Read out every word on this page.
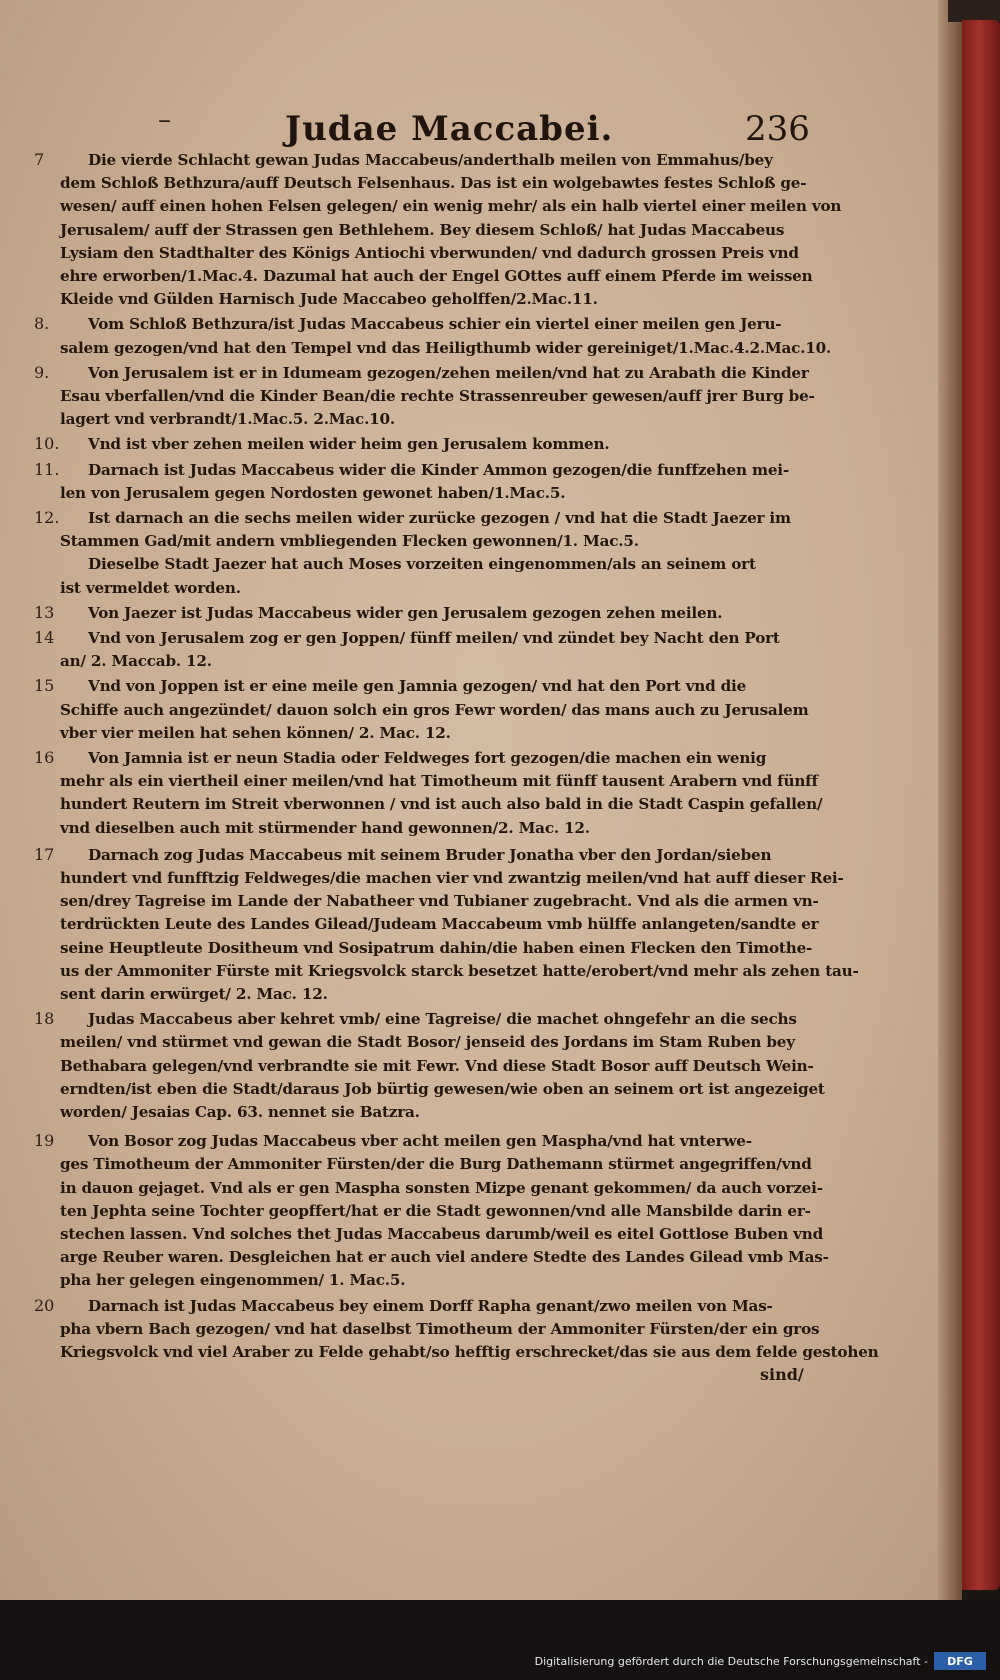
–	Judae Maccabei.	236
7	Die vierde Schlacht gewan Judas Maccabeus/anderthalb meilen von Emmahus/bey
dem Schloß Bethzura/auff Deutsch Felsenhaus. Das ist ein wolgebawtes festes Schloß ge-
wesen/ auff einen hohen Felsen gelegen/ ein wenig mehr/ als ein halb viertel einer meilen von
Jerusalem/ auff der Strassen gen Bethlehem. Bey diesem Schloß/ hat Judas Maccabeus
Lysiam den Stadthalter des Königs Antiochi vberwunden/ vnd dadurch grossen Preis vnd
ehre erworben/1.Mac.4. Dazumal hat auch der Engel GOttes auff einem Pferde im weissen
Kleide vnd Gülden Harnisch Jude Maccabeo geholffen/2.Mac.11.
8.	Vom Schloß Bethzura/ist Judas Maccabeus schier ein viertel einer meilen gen Jeru-
salem gezogen/vnd hat den Tempel vnd das Heiligthumb wider gereiniget/1.Mac.4.2.Mac.10.
9.	Von Jerusalem ist er in Idumeam gezogen/zehen meilen/vnd hat zu Arabath die Kinder
Esau vberfallen/vnd die Kinder Bean/die rechte Strassenreuber gewesen/auff jrer Burg be-
lagert vnd verbrandt/1.Mac.5. 2.Mac.10.
10. Vnd ist vber zehen meilen wider heim gen Jerusalem kommen.
11. Darnach ist Judas Maccabeus wider die Kinder Ammon gezogen/die funffzehen mei-
len von Jerusalem gegen Nordosten gewonet haben/1.Mac.5.
12. Ist darnach an die sechs meilen wider zurücke gezogen / vnd hat die Stadt Jaezer im
Stammen Gad/mit andern vmbliegenden Flecken gewonnen/1. Mac.5.
Dieselbe Stadt Jaezer hat auch Moses vorzeiten eingenommen/als an seinem ort
ist vermeldet worden.
13 Von Jaezer ist Judas Maccabeus wider gen Jerusalem gezogen zehen meilen.
14 Vnd von Jerusalem zog er gen Joppen/ fünff meilen/ vnd zündet bey Nacht den Port
an/ 2. Maccab. 12.
15 Vnd von Joppen ist er eine meile gen Jamnia gezogen/ vnd hat den Port vnd die
Schiffe auch angezündet/ dauon solch ein gros Fewr worden/ das mans auch zu Jerusalem
vber vier meilen hat sehen können/ 2. Mac. 12.
16 Von Jamnia ist er neun Stadia oder Feldweges fort gezogen/die machen ein wenig
mehr als ein viertheil einer meilen/vnd hat Timotheum mit fünff tausent Arabern vnd fünff
hundert Reutern im Streit vberwonnen / vnd ist auch also bald in die Stadt Caspin gefallen/
vnd dieselben auch mit stürmender hand gewonnen/2. Mac. 12.
17 Darnach zog Judas Maccabeus mit seinem Bruder Jonatha vber den Jordan/sieben
hundert vnd funfftzig Feldweges/die machen vier vnd zwantzig meilen/vnd hat auff dieser Rei-
sen/drey Tagreise im Lande der Nabatheer vnd Tubianer zugebracht. Vnd als die armen vn-
terdrückten Leute des Landes Gilead/Judeam Maccabeum vmb hülffe anlangeten/sandte er
seine Heuptleute Dositheum vnd Sosipatrum dahin/die haben einen Flecken den Timothe-
us der Ammoniter Fürste mit Kriegsvolck starck besetzet hatte/erobert/vnd mehr als zehen tau-
sent darin erwürget/ 2. Mac. 12.
18 Judas Maccabeus aber kehret vmb/ eine Tagreise/ die machet ohngefehr an die sechs
meilen/ vnd stürmet vnd gewan die Stadt Bosor/ jenseid des Jordans im Stam Ruben bey
Bethabara gelegen/vnd verbrandte sie mit Fewr. Vnd diese Stadt Bosor auff Deutsch Wein-
erndten/ist eben die Stadt/daraus Job bürtig gewesen/wie oben an seinem ort ist angezeiget
worden/ Jesaias Cap. 63. nennet sie Batzra.
19 Von Bosor zog Judas Maccabeus vber acht meilen gen Maspha/vnd hat vnterwe-
ges Timotheum der Ammoniter Fürsten/der die Burg Dathemann stürmet angegriffen/vnd
in dauon gejaget. Vnd als er gen Maspha sonsten Mizpe genant gekommen/ da auch vorzei-
ten Jephta seine Tochter geopffert/hat er die Stadt gewonnen/vnd alle Mansbilde darin er-
stechen lassen. Vnd solches thet Judas Maccabeus darumb/weil es eitel Gottlose Buben vnd
arge Reuber waren. Desgleichen hat er auch viel andere Stedte des Landes Gilead vmb Mas-
pha her gelegen eingenommen/ 1. Mac.5.
20 Darnach ist Judas Maccabeus bey einem Dorff Rapha genant/zwo meilen von Mas-
pha vbern Bach gezogen/ vnd hat daselbst Timotheum der Ammoniter Fürsten/der ein gros
Kriegsvolck vnd viel Araber zu Felde gehabt/so hefftig erschrecket/das sie aus dem felde gestohen
sind/
Digitalisierung gefördert durch die Deutsche Forschungsgemeinschaft -	DFG
